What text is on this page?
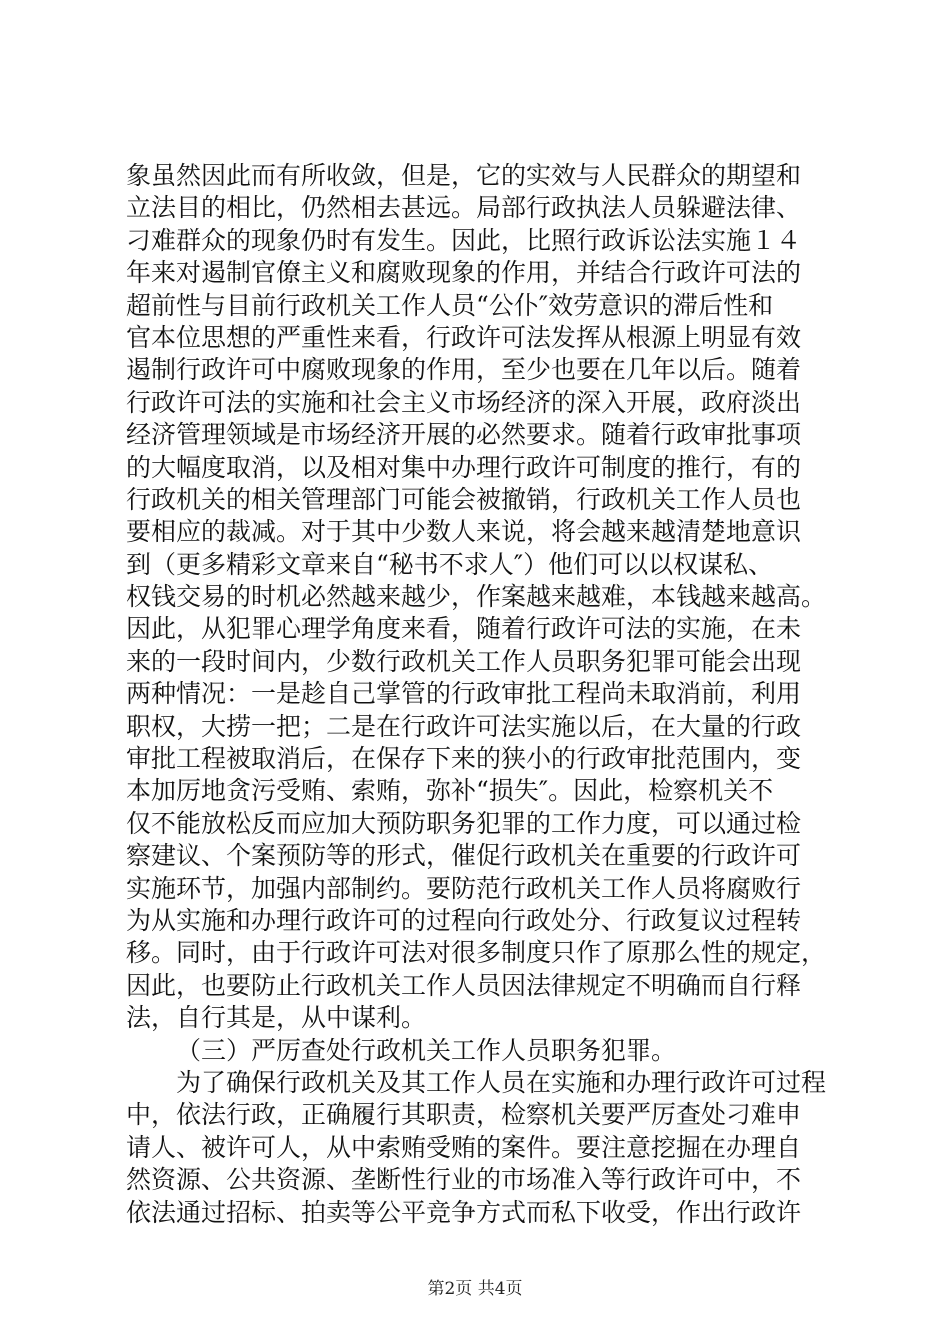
象虽然因此而有所收敛，但是，它的实效与人民群众的期望和
立法目的相比，仍然相去甚远。局部行政执法人员躲避法律、
刁难群众的现象仍时有发生。因此，比照行政诉讼法实施１４
年来对遏制官僚主义和腐败现象的作用，并结合行政许可法的
超前性与目前行政机关工作人员“公仆″效劳意识的滞后性和
官本位思想的严重性来看，行政许可法发挥从根源上明显有效
遏制行政许可中腐败现象的作用，至少也要在几年以后。随着
行政许可法的实施和社会主义市场经济的深入开展，政府淡出
经济管理领域是市场经济开展的必然要求。随着行政审批事项
的大幅度取消，以及相对集中办理行政许可制度的推行，有的
行政机关的相关管理部门可能会被撤销，行政机关工作人员也
要相应的裁减。对于其中少数人来说，将会越来越清楚地意识
到（更多精彩文章来自“秘书不求人″）他们可以以权谋私、
权钱交易的时机必然越来越少，作案越来越难，本钱越来越高。
因此，从犯罪心理学角度来看，随着行政许可法的实施，在未
来的一段时间内，少数行政机关工作人员职务犯罪可能会出现
两种情况：一是趁自己掌管的行政审批工程尚未取消前，利用
职权，大捞一把；二是在行政许可法实施以后，在大量的行政
审批工程被取消后，在保存下来的狭小的行政审批范围内，变
本加厉地贪污受贿、索贿，弥补“损失″。因此，检察机关不
仅不能放松反而应加大预防职务犯罪的工作力度，可以通过检
察建议、个案预防等的形式，催促行政机关在重要的行政许可
实施环节，加强内部制约。要防范行政机关工作人员将腐败行
为从实施和办理行政许可的过程向行政处分、行政复议过程转
移。同时，由于行政许可法对很多制度只作了原那么性的规定，
因此，也要防止行政机关工作人员因法律规定不明确而自行释
法，自行其是，从中谋利。
（三）严厉查处行政机关工作人员职务犯罪。
为了确保行政机关及其工作人员在实施和办理行政许可过程
中，依法行政，正确履行其职责，检察机关要严厉查处刁难申
请人、被许可人，从中索贿受贿的案件。要注意挖掘在办理自
然资源、公共资源、垄断性行业的市场准入等行政许可中，不
依法通过招标、拍卖等公平竞争方式而私下收受，作出行政许
第2页 共4页
